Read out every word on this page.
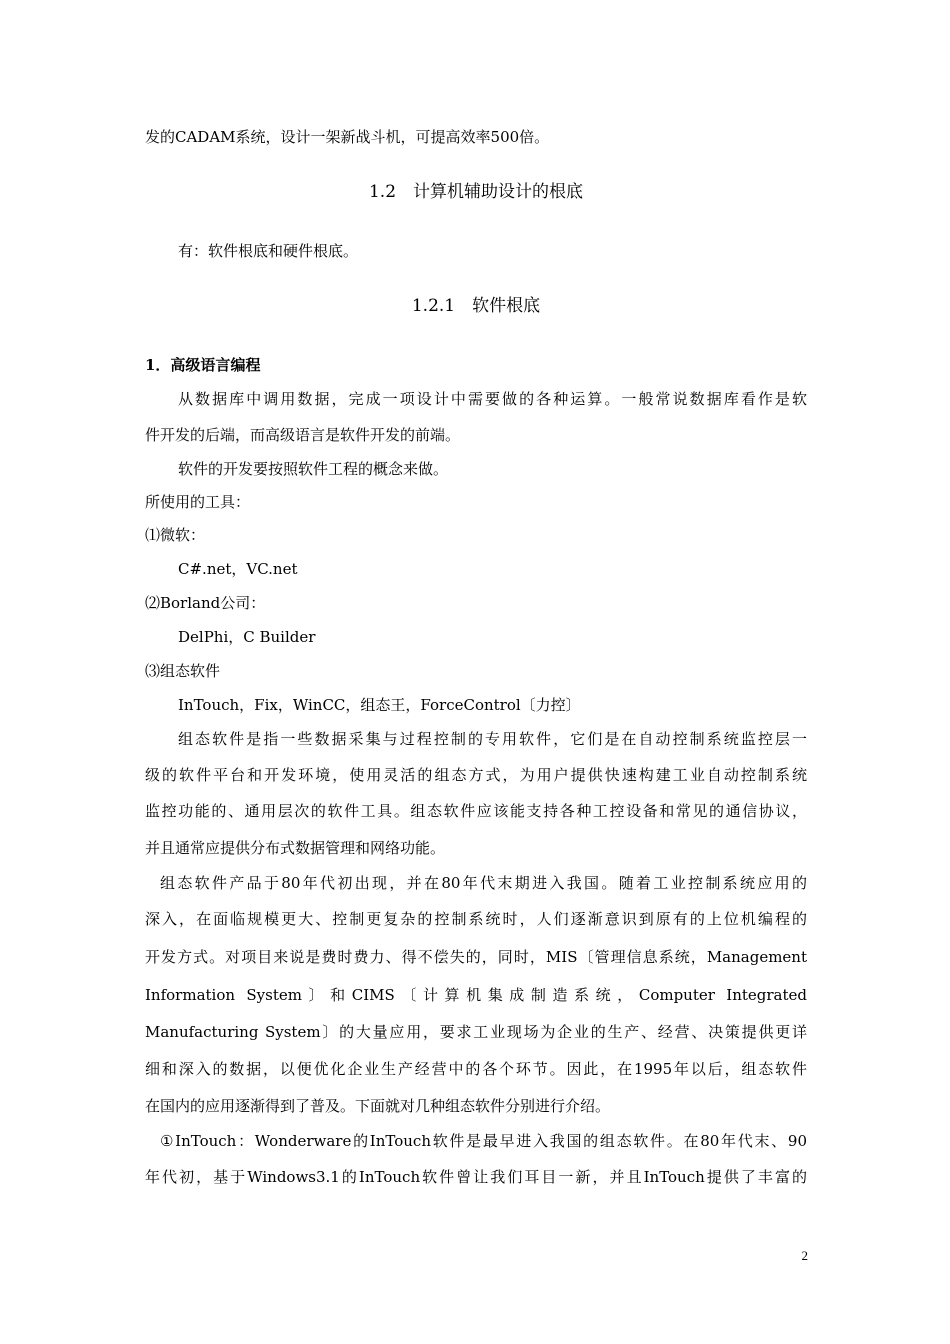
发的CADAM系统，设计一架新战斗机，可提高效率500倍。
1.2　计算机辅助设计的根底
有：软件根底和硬件根底。
1.2.1　软件根底
1．高级语言编程
从数据库中调用数据，完成一项设计中需要做的各种运算。一般常说数据库看作是软
件开发的后端，而高级语言是软件开发的前端。
软件的开发要按照软件工程的概念来做。
所使用的工具：
⑴微软：
C#.net，VC.net
⑵Borland公司：
DelPhi，C Builder
⑶组态软件
InTouch，Fix，WinCC，组态王，ForceControl〔力控〕
组态软件是指一些数据采集与过程控制的专用软件，它们是在自动控制系统监控层一
级的软件平台和开发环境，使用灵活的组态方式，为用户提供快速构建工业自动控制系统
监控功能的、通用层次的软件工具。组态软件应该能支持各种工控设备和常见的通信协议，
并且通常应提供分布式数据管理和网络功能。
组态软件产品于80年代初出现，并在80年代末期进入我国。随着工业控制系统应用的
深入，在面临规模更大、控制更复杂的控制系统时，人们逐渐意识到原有的上位机编程的
开发方式。对项目来说是费时费力、得不偿失的，同时，MIS〔管理信息系统，Management
Information System〕和CIMS〔计算机集成制造系统，Computer Integrated
Manufacturing System〕的大量应用，要求工业现场为企业的生产、经营、决策提供更详
细和深入的数据，以便优化企业生产经营中的各个环节。因此，在1995年以后，组态软件
在国内的应用逐渐得到了普及。下面就对几种组态软件分别进行介绍。
①InTouch：Wonderware的InTouch软件是最早进入我国的组态软件。在80年代末、90
年代初，基于Windows3.1的InTouch软件曾让我们耳目一新，并且InTouch提供了丰富的
2
